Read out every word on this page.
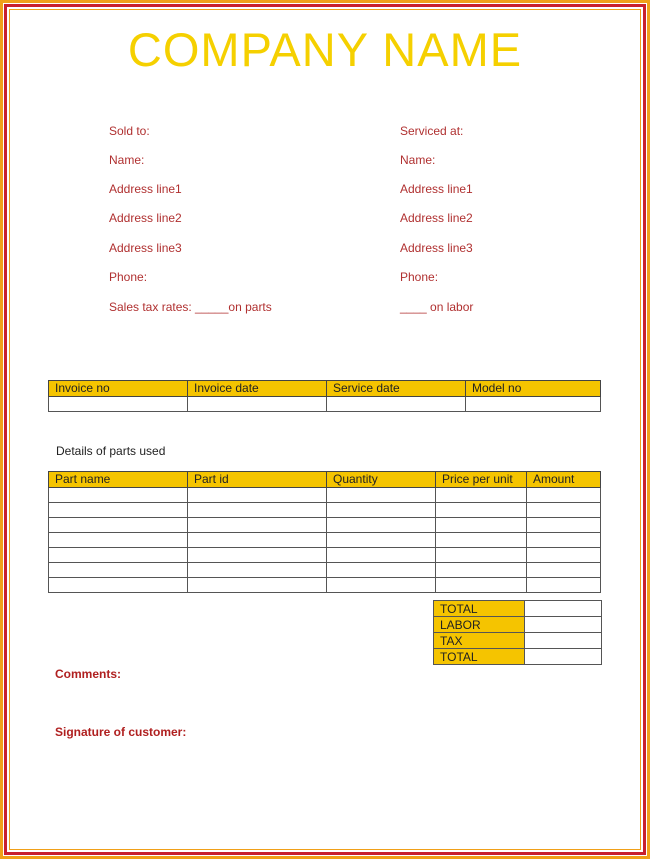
COMPANY NAME
Sold to:
Name:
Address line1
Address line2
Address line3
Phone:
Sales tax rates: _____on parts
Serviced at:
Name:
Address line1
Address line2
Address line3
Phone:
____ on labor
Invoice no	Invoice date	Service date	Model no

Details of parts used
Part name	Part id	Quantity	Price per unit	Amount

TOTAL	
LABOR	
TAX	
TOTAL	
Comments:
Signature of customer:
